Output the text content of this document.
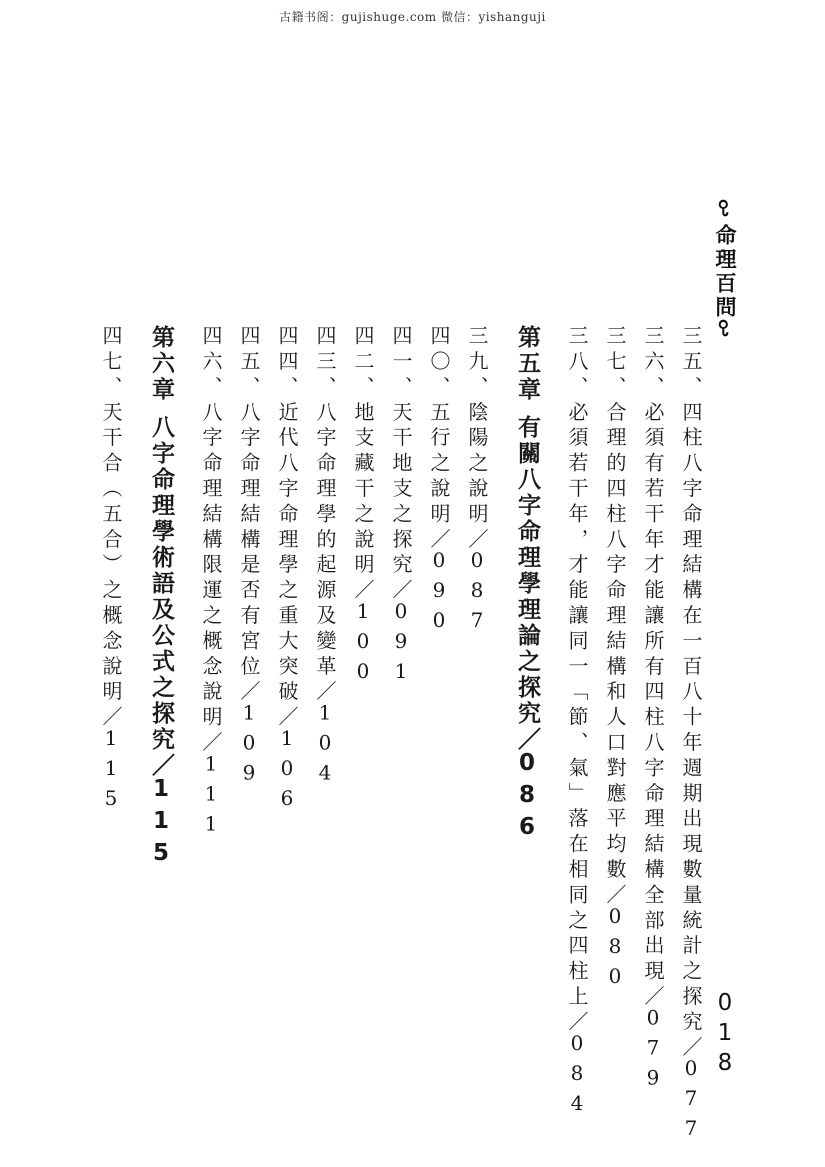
古籍书阁：gujishuge.com 微信：yishanguji
ꘫ命理百問ꘫ
018
三五、四柱八字命理結構在一百八十年週期出現數量統計之探究／077
三六、必須有若干年才能讓所有四柱八字命理結構全部出現／079
三七、合理的四柱八字命理結構和人口對應平均數／080
三八、必須若干年，才能讓同一「節、氣」落在相同之四柱上／084
第五章有關八字命理學理論之探究／086
三九、陰陽之說明／087
四〇、五行之說明／090
四一、天干地支之探究／091
四二、地支藏干之說明／100
四三、八字命理學的起源及變革／104
四四、近代八字命理學之重大突破／106
四五、八字命理結構是否有宮位／109
四六、八字命理結構限運之概念說明／111
第六章八字命理學術語及公式之探究／115
四七、天干合（五合）之概念說明／115
